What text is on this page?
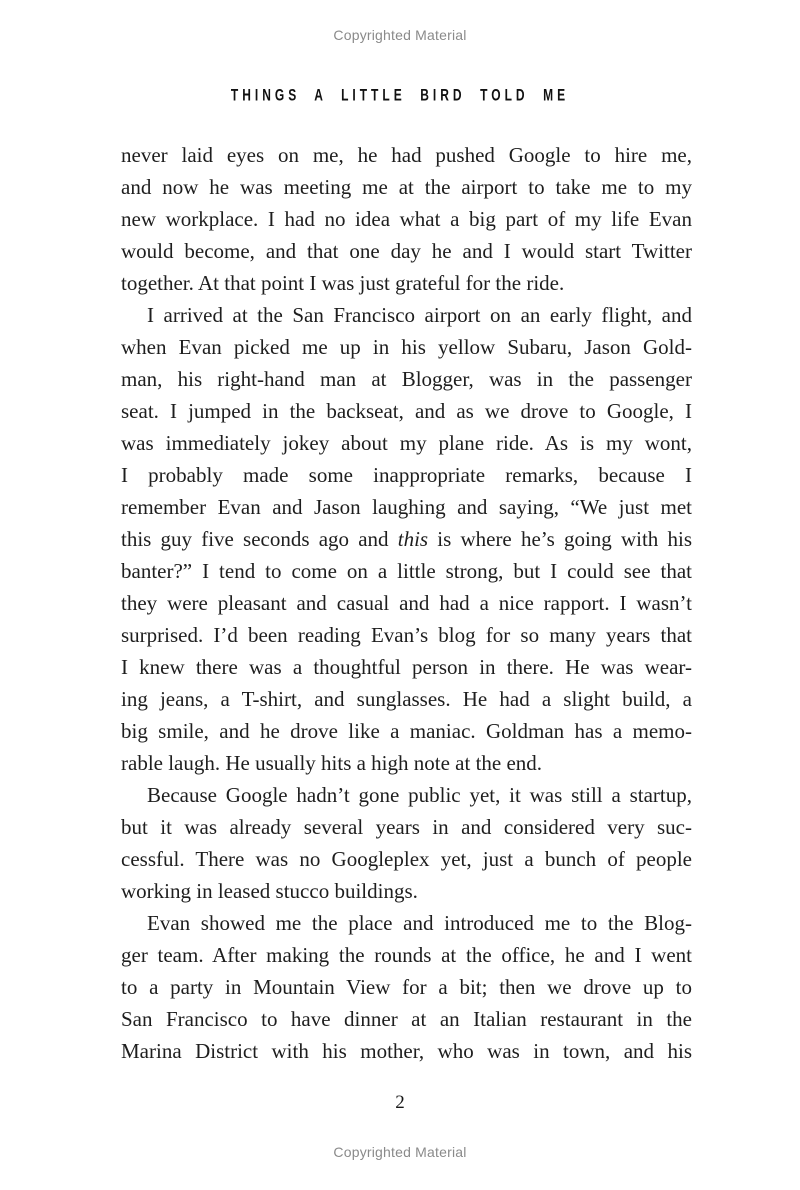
Copyrighted Material
THINGS A LITTLE BIRD TOLD ME
never laid eyes on me, he had pushed Google to hire me,
and now he was meeting me at the airport to take me to my
new workplace. I had no idea what a big part of my life Evan
would become, and that one day he and I would start Twitter
together. At that point I was just grateful for the ride.
I arrived at the San Francisco airport on an early flight, and
when Evan picked me up in his yellow Subaru, Jason Gold-
man, his right-hand man at Blogger, was in the passenger
seat. I jumped in the backseat, and as we drove to Google, I
was immediately jokey about my plane ride. As is my wont,
I probably made some inappropriate remarks, because I
remember Evan and Jason laughing and saying, “We just met
this guy five seconds ago and this is where he’s going with his
banter?” I tend to come on a little strong, but I could see that
they were pleasant and casual and had a nice rapport. I wasn’t
surprised. I’d been reading Evan’s blog for so many years that
I knew there was a thoughtful person in there. He was wear-
ing jeans, a T-shirt, and sunglasses. He had a slight build, a
big smile, and he drove like a maniac. Goldman has a memo-
rable laugh. He usually hits a high note at the end.
Because Google hadn’t gone public yet, it was still a startup,
but it was already several years in and considered very suc-
cessful. There was no Googleplex yet, just a bunch of people
working in leased stucco buildings.
Evan showed me the place and introduced me to the Blog-
ger team. After making the rounds at the office, he and I went
to a party in Mountain View for a bit; then we drove up to
San Francisco to have dinner at an Italian restaurant in the
Marina District with his mother, who was in town, and his
2
Copyrighted Material
